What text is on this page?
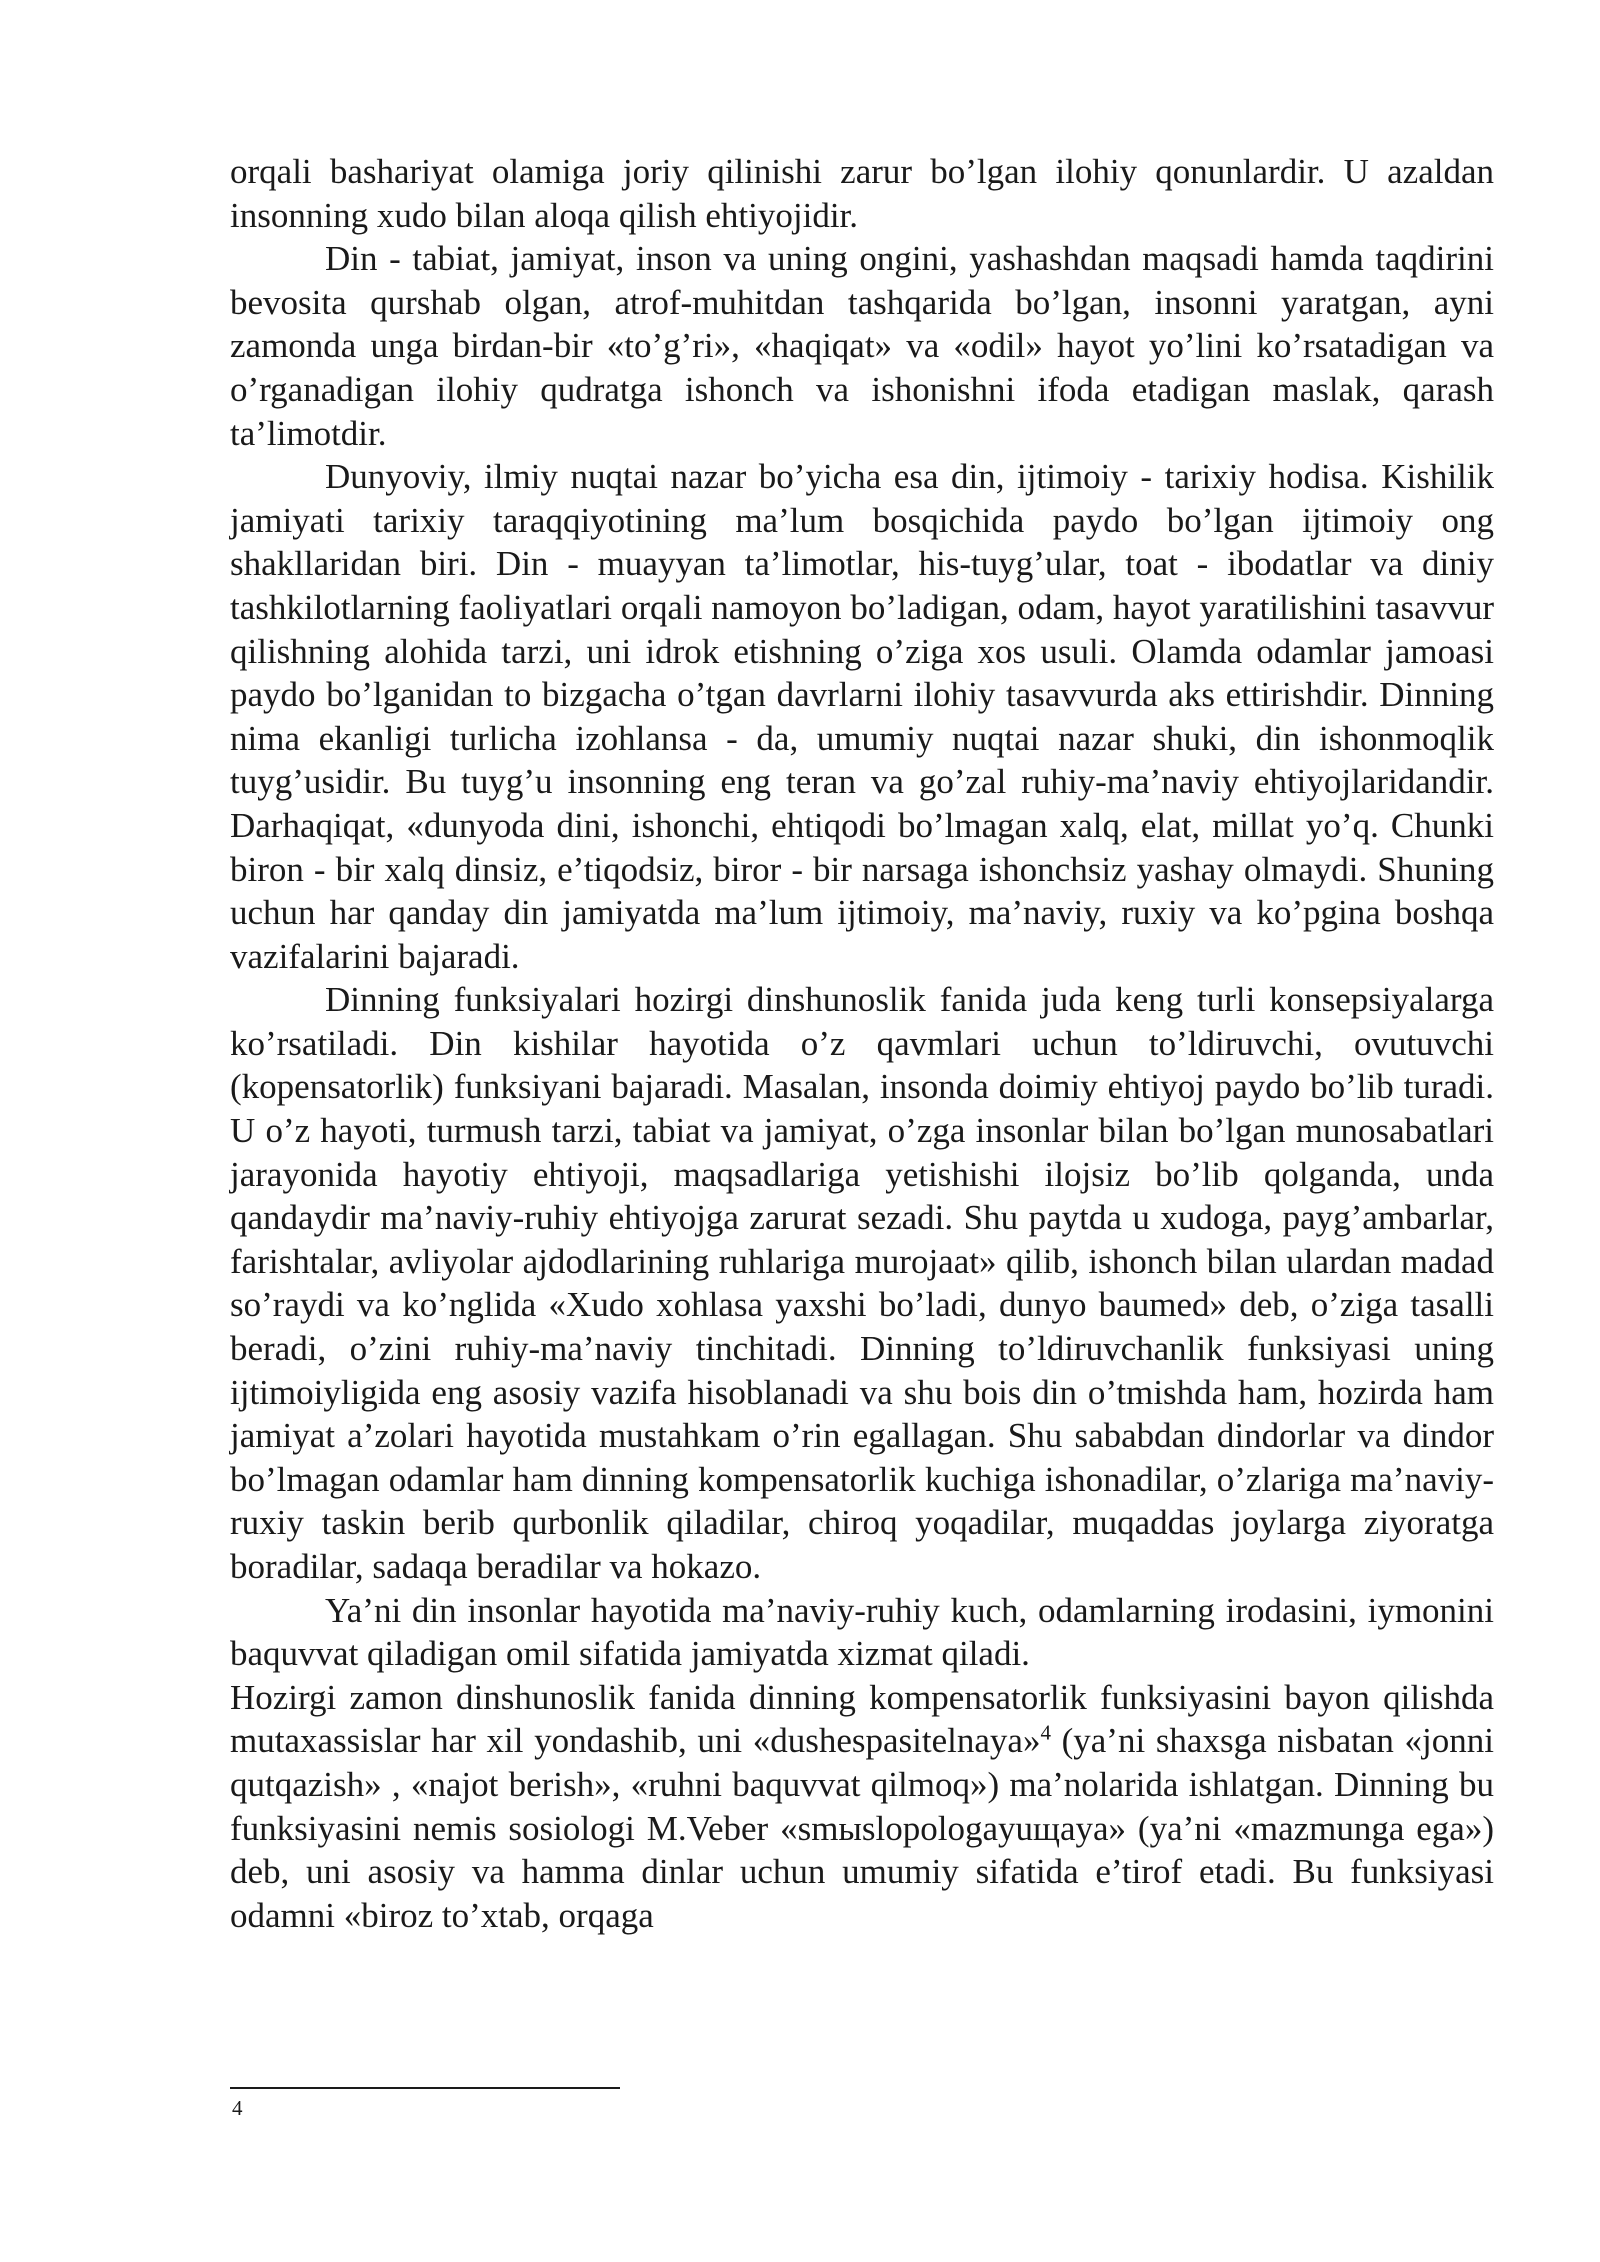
orqali bashariyat olamiga joriy qilinishi zarur bo’lgan ilohiy qonunlardir. U azaldan insonning xudo bilan aloqa qilish ehtiyojidir.

Din - tabiat, jamiyat, inson va uning ongini, yashashdan maqsadi hamda taqdirini bevosita qurshab olgan, atrof-muhitdan tashqarida bo’lgan, insonni yaratgan, ayni zamonda unga birdan-bir «to’g’ri», «haqiqat» va «odil» hayot yo’lini ko’rsatadigan va o’rganadigan ilohiy qudratga ishonch va ishonishni ifoda etadigan maslak, qarash ta’limotdir.

Dunyoviy, ilmiy nuqtai nazar bo’yicha esa din, ijtimoiy - tarixiy hodisa. Kishilik jamiyati tarixiy taraqqiyotining ma’lum bosqichida paydo bo’lgan ijtimoiy ong shakllaridan biri. Din - muayyan ta’limotlar, his-tuyg’ular, toat - ibodatlar va diniy tashkilotlarning faoliyatlari orqali namoyon bo’ladigan, odam, hayot yaratilishini tasavvur qilishning alohida tarzi, uni idrok etishning o’ziga xos usuli. Olamda odamlar jamoasi paydo bo’lganidan to bizgacha o’tgan davrlarni ilohiy tasavvurda aks ettirishdir. Dinning nima ekanligi turlicha izohlansa - da, umumiy nuqtai nazar shuki, din ishonmoqlik tuyg’usidir. Bu tuyg’u insonning eng teran va go’zal ruhiy-ma’naviy ehtiyojlaridandir. Darhaqiqat, «dunyoda dini, ishonchi, ehtiqodi bo’lmagan xalq, elat, millat yo’q. Chunki biron - bir xalq dinsiz, e’tiqodsiz, biror - bir narsaga ishonchsiz yashay olmaydi. Shuning uchun har qanday din jamiyatda ma’lum ijtimoiy, ma’naviy, ruxiy va ko’pgina boshqa vazifalarini bajaradi.

Dinning funksiyalari hozirgi dinshunoslik fanida juda keng turli konsepsiyalarga ko’rsatiladi. Din kishilar hayotida o’z qavmlari uchun to’ldiruvchi, ovutuvchi (kopensatorlik) funksiyani bajaradi. Masalan, insonda doimiy ehtiyoj paydo bo’lib turadi. U o’z hayoti, turmush tarzi, tabiat va jamiyat, o’zga insonlar bilan bo’lgan munosabatlari jarayonida hayotiy ehtiyoji, maqsadlariga yetishishi ilojsiz bo’lib qolganda, unda qandaydir ma’naviy-ruhiy ehtiyojga zarurat sezadi. Shu paytda u xudoga, payg’ambarlar, farishtalar, avliyolar ajdodlarining ruhlariga murojaat» qilib, ishonch bilan ulardan madad so’raydi va ko’nglida «Xudo xohlasa yaxshi bo’ladi, dunyo baumed» deb, o’ziga tasalli beradi, o’zini ruhiy-ma’naviy tinchitadi. Dinning to’ldiruvchanlik funksiyasi uning ijtimoiyligida eng asosiy vazifa hisoblanadi va shu bois din o’tmishda ham, hozirda ham jamiyat a’zolari hayotida mustahkam o’rin egallagan. Shu sababdan dindorlar va dindor bo’lmagan odamlar ham dinning kompensatorlik kuchiga ishonadilar, o’zlariga ma’naviy-ruxiy taskin berib qurbonlik qiladilar, chiroq yoqadilar, muqaddas joylarga ziyoratga boradilar, sadaqa beradilar va hokazo.

Ya’ni din insonlar hayotida ma’naviy-ruhiy kuch, odamlarning irodasini, iymonini baquvvat qiladigan omil sifatida jamiyatda xizmat qiladi.

Hozirgi zamon dinshunoslik fanida dinning kompensatorlik funksiyasini bayon qilishda mutaxassislar har xil yondashib, uni «dushespasitelnaya»$^4$ (ya’ni shaxsga nisbatan «jonni qutqazish» , «najot berish», «ruhni baquvvat qilmoq») ma’nolarida ishlatgan. Dinning bu funksiyasini nemis sosiologi M.Veber «smыslopologayuщaya» (ya’ni «mazmunga ega») deb, uni asosiy va hamma dinlar uchun umumiy sifatida e’tirof etadi. Bu funksiyasi odamni «biroz to’xtab, orqaga

4
